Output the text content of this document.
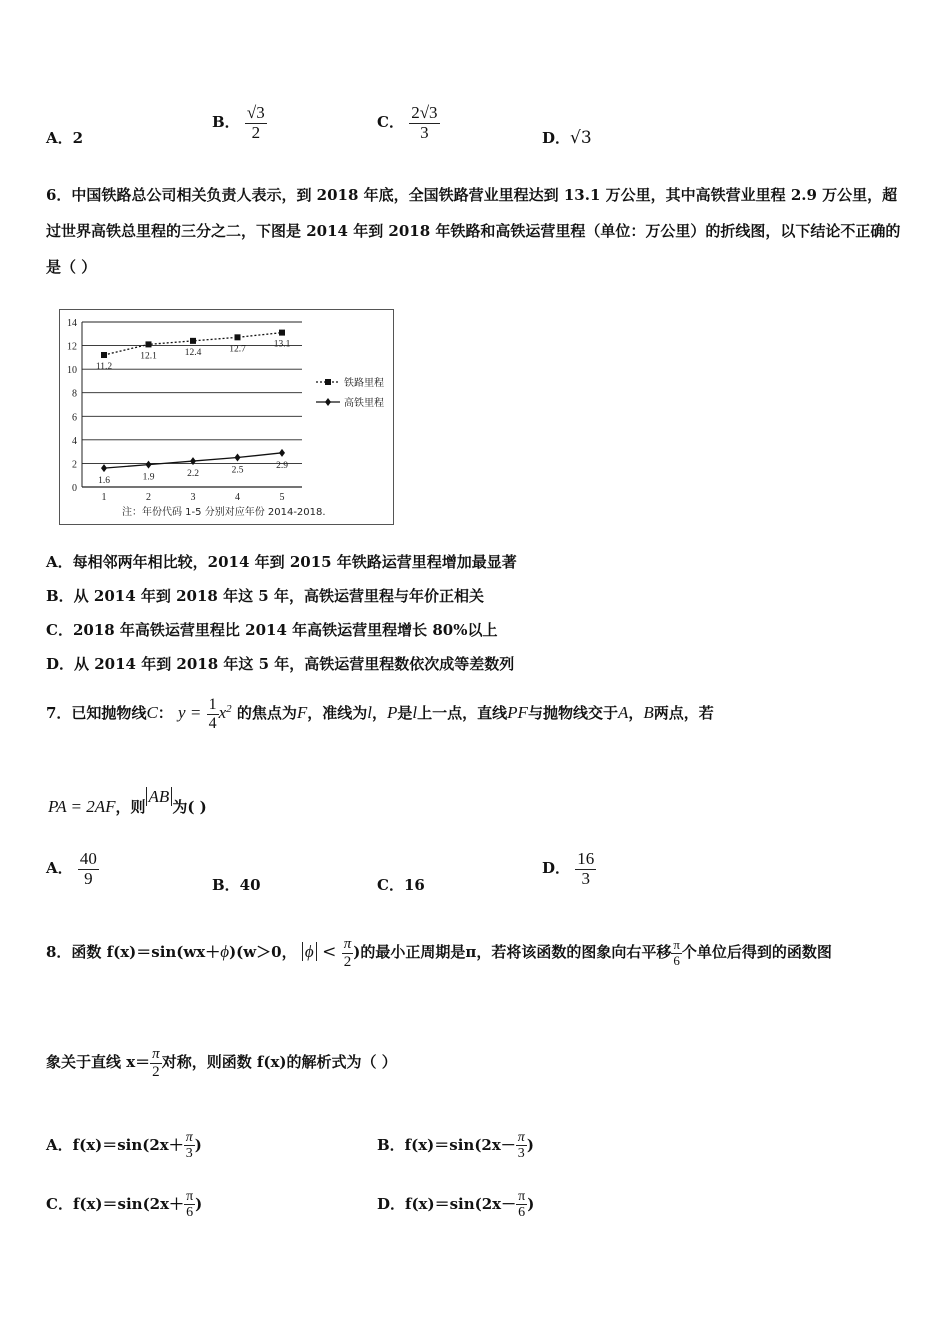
A．2
B． $\frac{√3}{2}$	C． $\frac{2√3}{3}$	D．√3
6．中国铁路总公司相关负责人表示，到 2018 年底，全国铁路营业里程达到 13.1 万公里，其中高铁营业里程 2.9 万公里，超过世界高铁总里程的三分之二，下图是 2014 年到 2018 年铁路和高铁运营里程（单位：万公里）的折线图，以下结论不正确的是（ ）
0
2
4
6
8
10
12
14
1	2	3	4	5
11.2
12.1	12.4	12.7	13.1
1.6	1.9	2.2	2.5	2.9
铁路里程
高铁里程
注：年份代码 1-5 分别对应年份 2014-2018.
A．每相邻两年相比较，2014 年到 2015 年铁路运营里程增加最显著
B．从 2014 年到 2018 年这 5 年，高铁运营里程与年价正相关
C．2018 年高铁运营里程比 2014 年高铁运营里程增长 80%以上
D．从 2014 年到 2018 年这 5 年，高铁运营里程数依次成等差数列
7．已知抛物线C： $y = \frac{1}{4} x^2$ 的焦点为F，准线为l，P是l上一点，直线PF与抛物线交于A，B两点，若
PA = 2AF，则AB为( )
A． $\frac{40}{9}$	B．40	C．16
D． $\frac{16}{3}$
8．函数 f(x)＝sin(wx＋ϕ)(w＞0， $\phi < \frac{\pi}{2}$ )的最小正周期是π，若将该函数的图象向右平移 $\frac{\pi}{6}$ 个单位后得到的函数图
象关于直线 $x= \frac{\pi}{2}$ 对称，则函数 f(x)的解析式为（ ）
A．$f(x)=\sin(2x+ \frac{\pi}{3}$ )	B．$f(x)=\sin(2x- \frac{\pi}{3}$ )
C．$f(x)=\sin(2x+ \frac{\pi}{6}$ )	D．$f(x)=\sin(2x- \frac{\pi}{6}$ )
